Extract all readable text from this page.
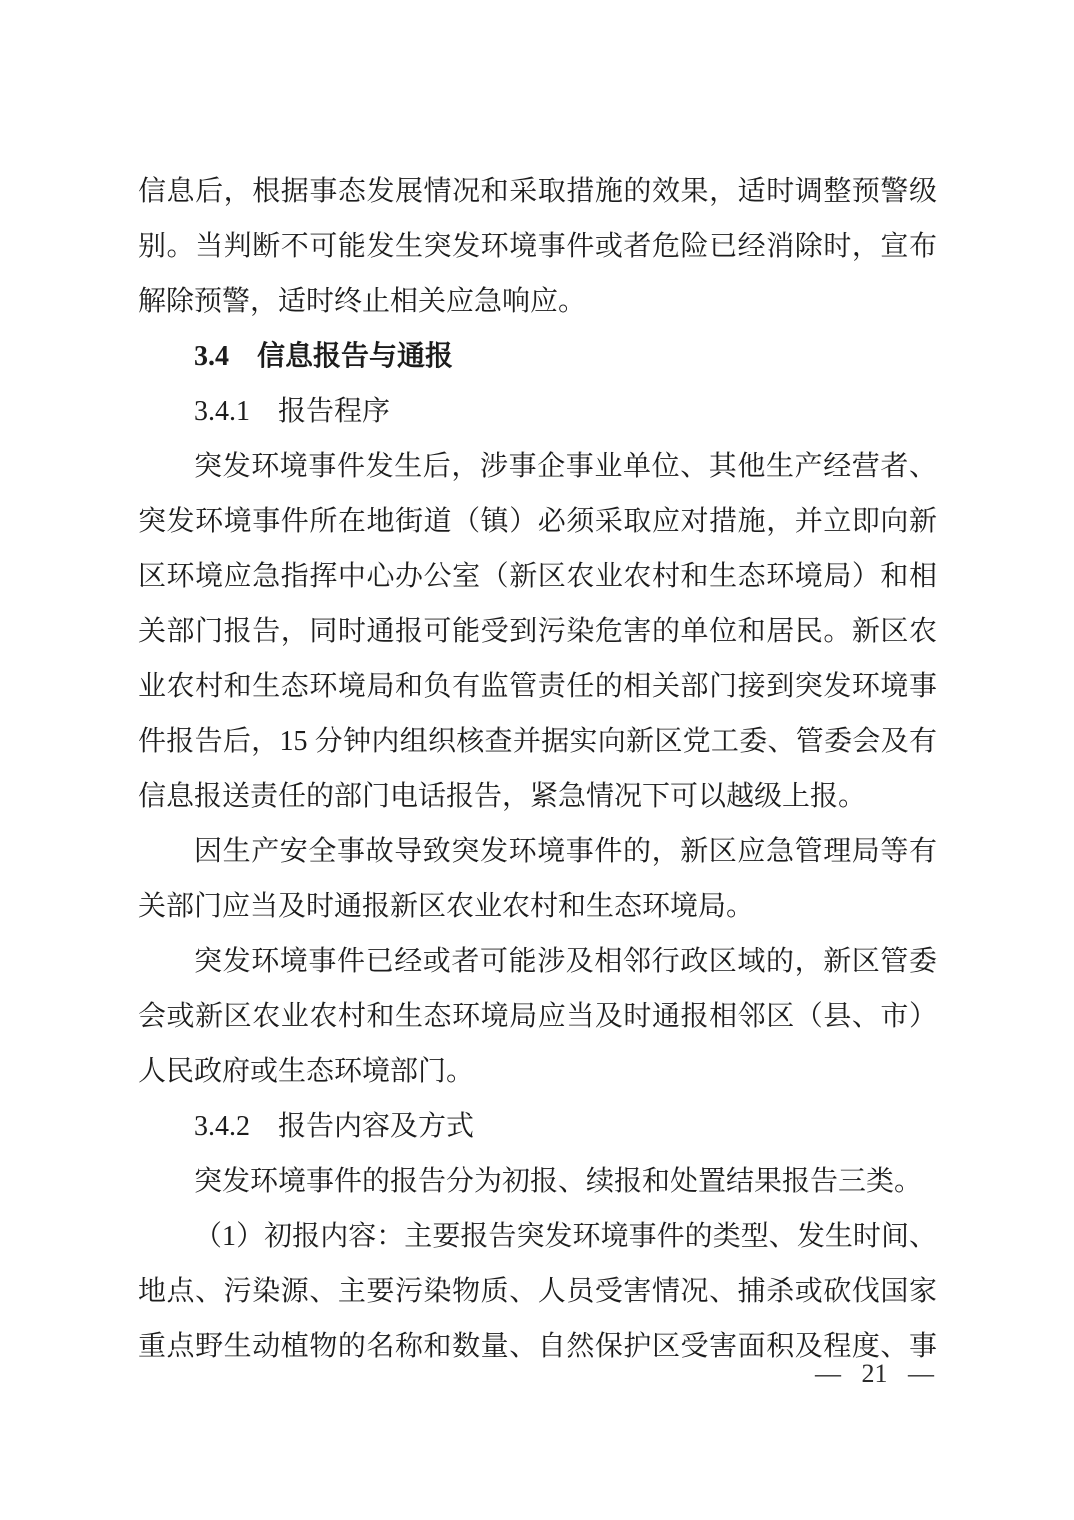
信息后，根据事态发展情况和采取措施的效果，适时调整预警级
别。当判断不可能发生突发环境事件或者危险已经消除时，宣布
解除预警，适时终止相关应急响应。
3.4　信息报告与通报
3.4.1　报告程序
突发环境事件发生后，涉事企事业单位、其他生产经营者、
突发环境事件所在地街道（镇）必须采取应对措施，并立即向新
区环境应急指挥中心办公室（新区农业农村和生态环境局）和相
关部门报告，同时通报可能受到污染危害的单位和居民。新区农
业农村和生态环境局和负有监管责任的相关部门接到突发环境事
件报告后，15 分钟内组织核查并据实向新区党工委、管委会及有
信息报送责任的部门电话报告，紧急情况下可以越级上报。
因生产安全事故导致突发环境事件的，新区应急管理局等有
关部门应当及时通报新区农业农村和生态环境局。
突发环境事件已经或者可能涉及相邻行政区域的，新区管委
会或新区农业农村和生态环境局应当及时通报相邻区（县、市）
人民政府或生态环境部门。
3.4.2　报告内容及方式
突发环境事件的报告分为初报、续报和处置结果报告三类。
（1）初报内容：主要报告突发环境事件的类型、发生时间、
地点、污染源、主要污染物质、人员受害情况、捕杀或砍伐国家
重点野生动植物的名称和数量、自然保护区受害面积及程度、事
— 21 —
